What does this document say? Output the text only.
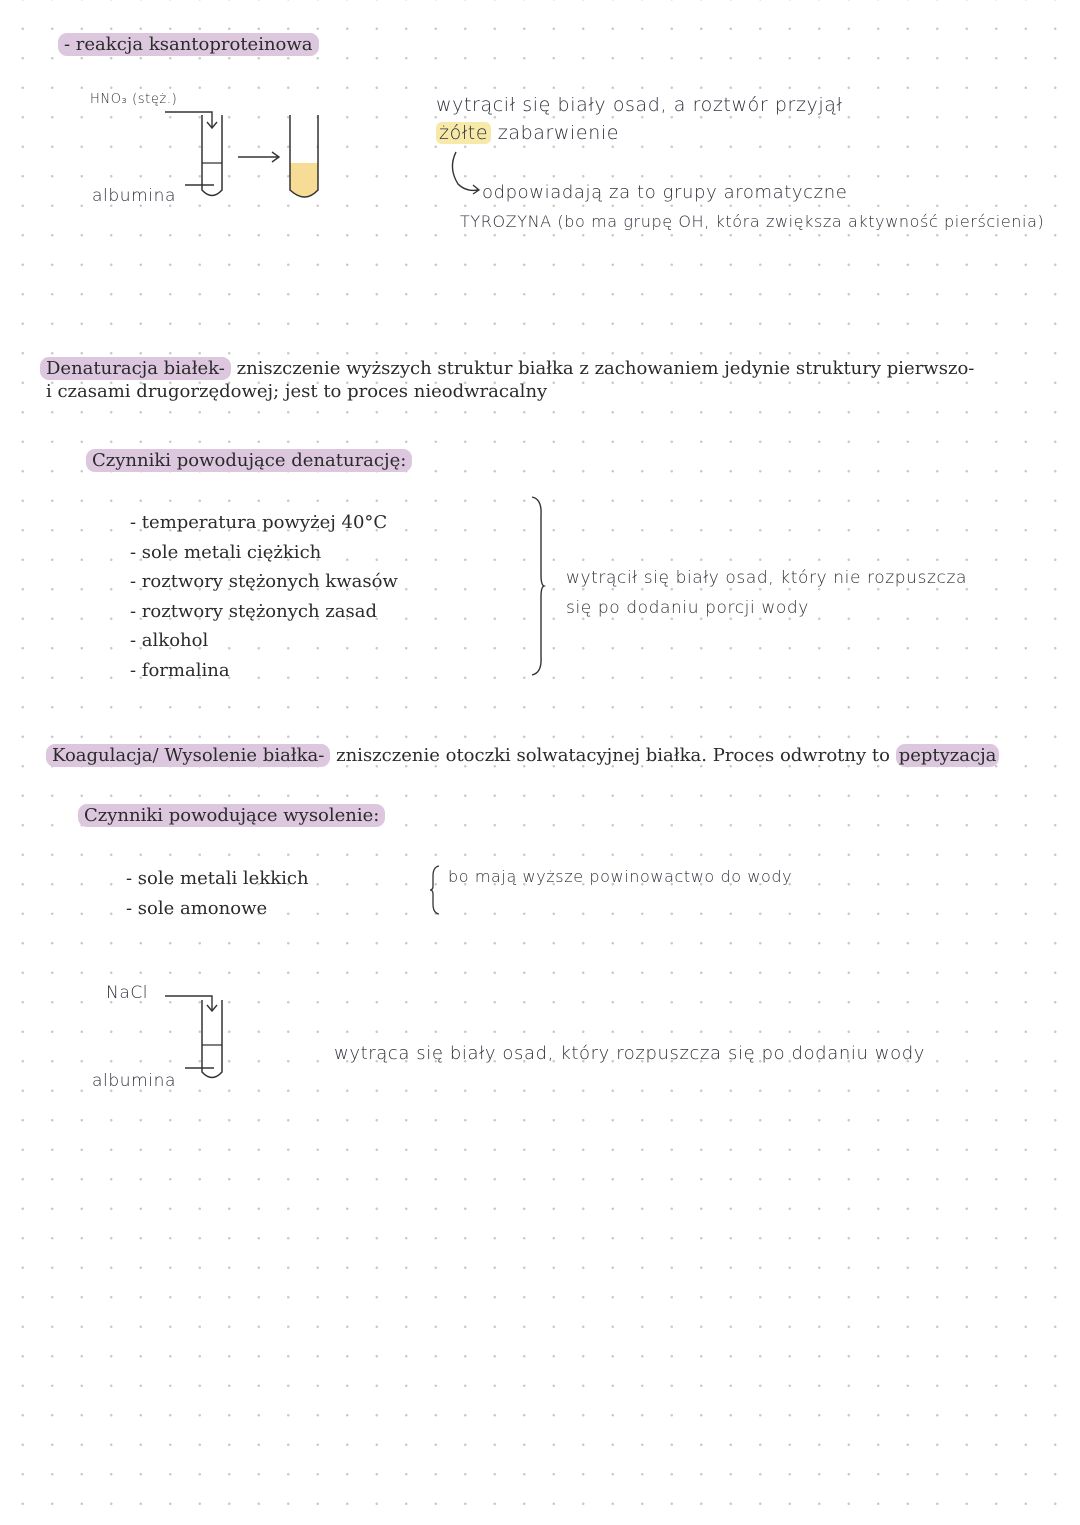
- reakcja ksantoproteinowa
HNO₃ (stęż.)
albumina
wytrącił się biały osad, a roztwór przyjął
żółte zabarwienie
odpowiadają za to grupy aromatyczne
TYROZYNA (bo ma grupę OH, która zwiększa aktywność pierścienia)
Denaturacja białek- zniszczenie wyższych struktur białka z zachowaniem jedynie struktury pierwszo-
i czasami drugorzędowej; jest to proces nieodwracalny
Czynniki powodujące denaturację:
- temperatura powyżej 40°C
- sole metali ciężkich
- roztwory stężonych kwasów
- roztwory stężonych zasad
- alkohol
- formalina
wytrącił się biały osad, który nie rozpuszcza
się po dodaniu porcji wody
Koagulacja/ Wysolenie białka- zniszczenie otoczki solwatacyjnej białka. Proces odwrotny to peptyzacja
Czynniki powodujące wysolenie:
- sole metali lekkich
- sole amonowe
bo mają wyższe powinowactwo do wody
NaCl
albumina
wytrąca się biały osad, który rozpuszcza się po dodaniu wody
